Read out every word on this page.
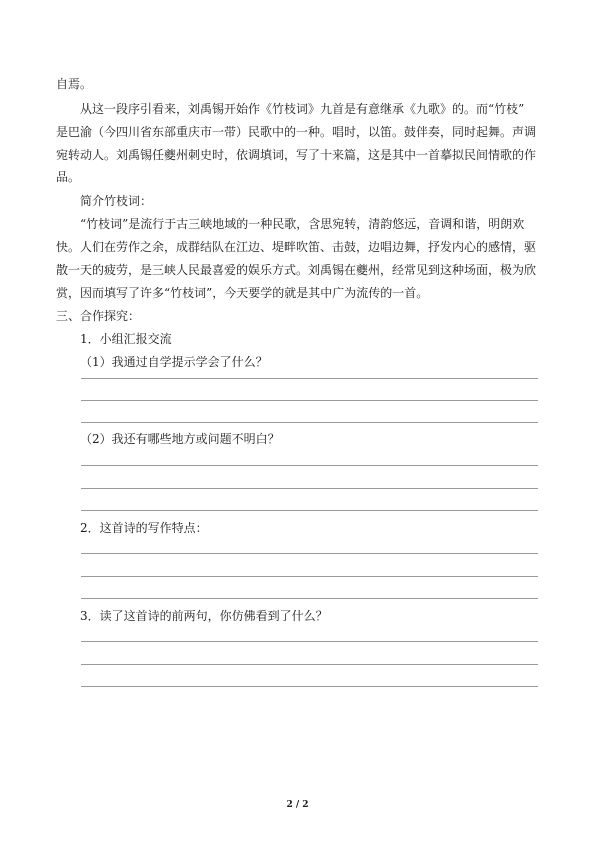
自焉。
从这一段序引看来，刘禹锡开始作《竹枝词》九首是有意继承《九歌》的。而“竹枝”
是巴渝（今四川省东部重庆市一带）民歌中的一种。唱时，以笛。鼓伴奏，同时起舞。声调
宛转动人。刘禹锡任夔州刺史时，依调填词，写了十来篇，这是其中一首摹拟民间情歌的作
品。
简介竹枝词：
“竹枝词”是流行于古三峡地域的一种民歌，含思宛转，清韵悠远，音调和谐，明朗欢
快。人们在劳作之余，成群结队在江边、堤畔吹笛、击鼓，边唱边舞，抒发内心的感情，驱
散一天的疲劳，是三峡人民最喜爱的娱乐方式。刘禹锡在夔州，经常见到这种场面，极为欣
赏，因而填写了许多“竹枝词”，今天要学的就是其中广为流传的一首。
三、合作探究：
1．小组汇报交流
（1）我通过自学提示学会了什么？
（2）我还有哪些地方或问题不明白？
2．这首诗的写作特点：
3．读了这首诗的前两句，你仿佛看到了什么？
2 / 2
